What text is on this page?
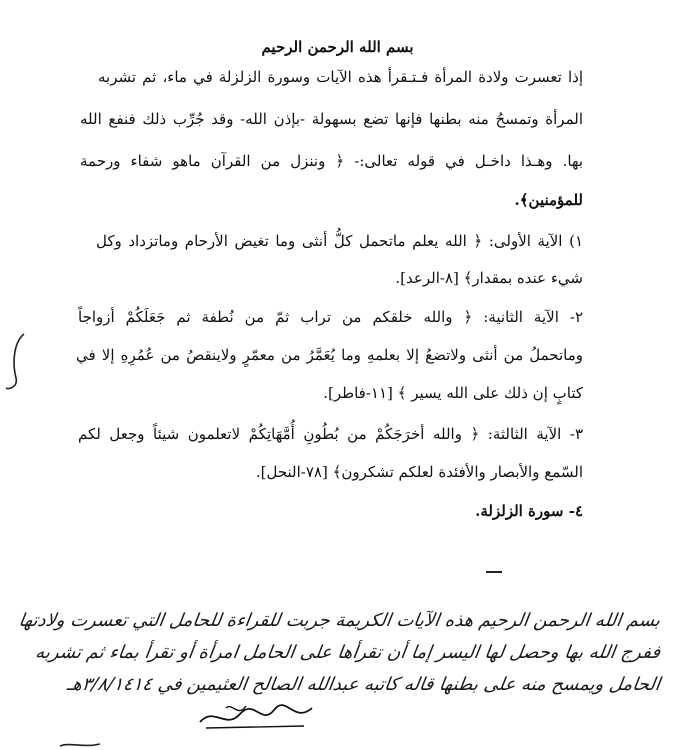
بسم الله الرحمن الرحيم
إذا تعسرت ولادة المرأة فـتـقرأ هذه الآيات وسورة الزلزلة في ماء، ثم تشربه
المرأة وتمسحُ منه بطنها فإنها تضع بسهولة -بإذن الله- وقد جُرِّب ذلك فنفع الله
بها. وهـذا داخـل في قوله تعالى:- ﴿ وننزل من القرآن ماهو شفاء ورحمة
للمؤمنين﴾.
١) الآية الأولى: ﴿ الله يعلم ماتحمل كلُّ أنثى وما تغيض الأرحام وماتزداد وكل
شيء عنده بمقدار﴾ [٨-الرعد].
٢- الآية الثانية: ﴿ والله خلقكم من تراب ثمّ من نُطفة ثم جَعَلَكُمْ أزواجاً
وماتحملُ من أنثى ولاتضعُ إلا بعلمهِ وما يُعَمَّرُ من معمّرٍ ولاينقصُ من عُمُرِهِ إلا في
كتابٍ إن ذلك على الله يسير ﴾ [١١-فاطر].
٣- الآية الثالثة: ﴿ والله أخرَجَكُمْ من بُطُونِ أُمَّهَاتِكُمْ لاتعلمون شيئاً وجعل لكم
السّمع والأبصار والأفئدة لعلكم تشكرون﴾ [٧٨-النحل].
٤- سورة الزلزلة.
بسم الله الرحمن الرحيم هذه الآيات الكريمة جربت للقراءة للحامل التي تعسرت ولادتها
ففرج الله بها وحصل لها اليسر إما أن تقرأها على الحامل امرأة أو تقرأ بماء ثم تشربه
الحامل ويمسح منه على بطنها قاله كاتبه عبدالله الصالح العثيمين في ٣/٨/١٤١٤هـ
